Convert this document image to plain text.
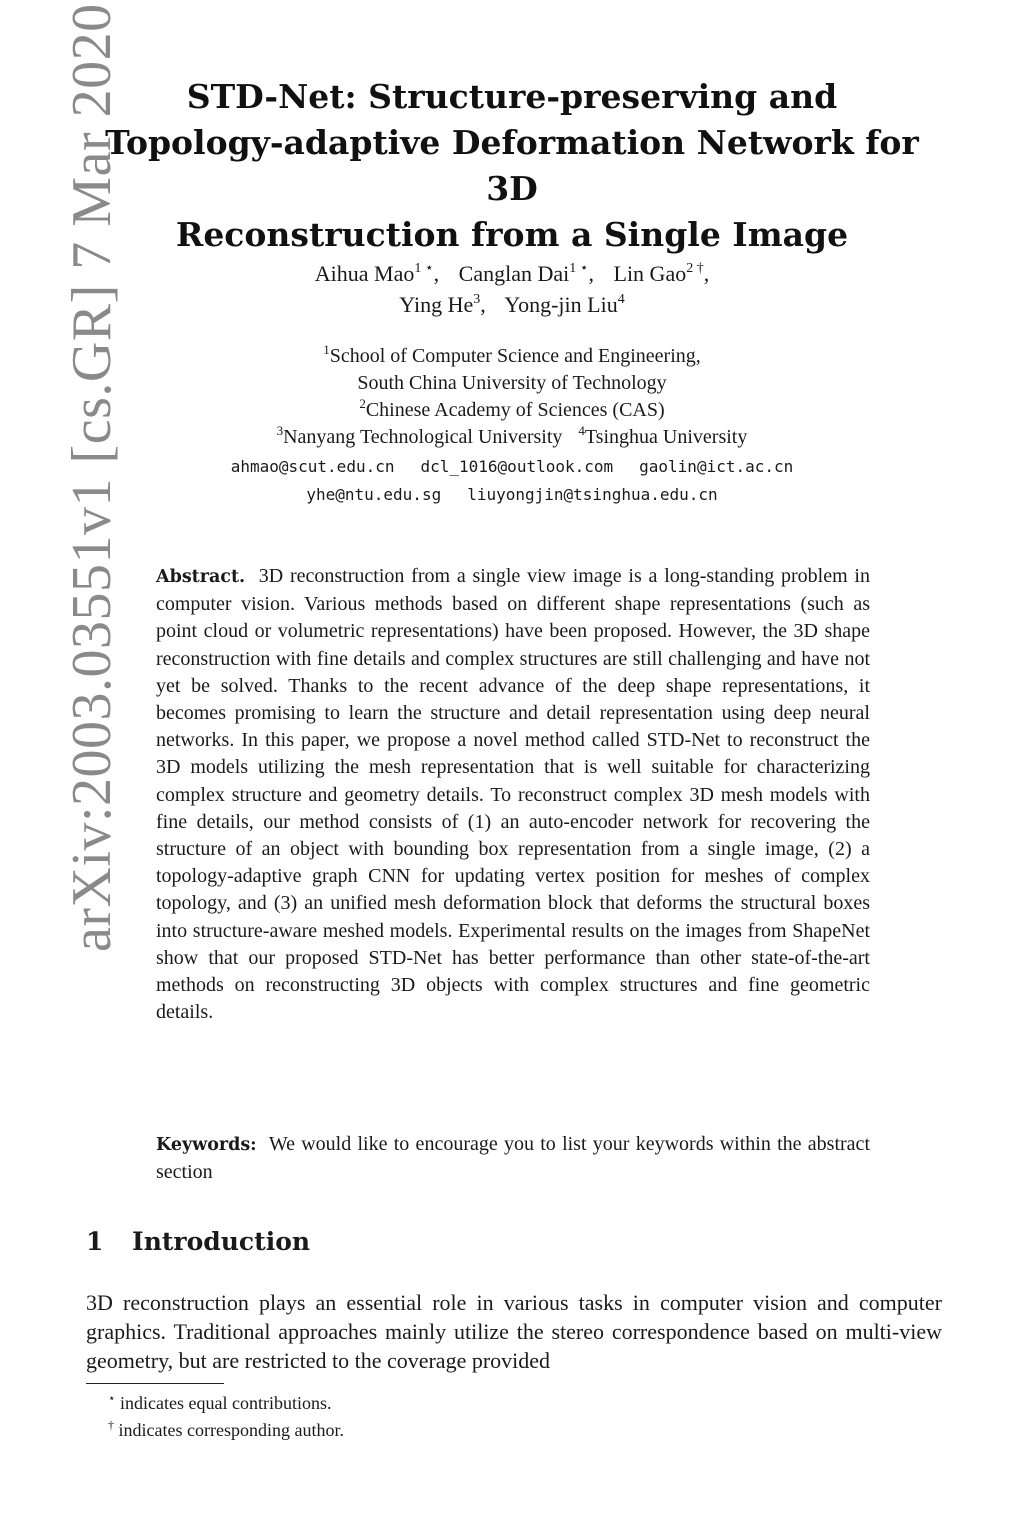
arXiv:2003.03551v1 [cs.GR] 7 Mar 2020	STD-Net: Structure-preserving and
Topology-adaptive Deformation Network for 3D
Reconstruction from a Single Image
Aihua Mao$^{1 ⋆}$, Canglan Dai$^{1 ⋆}$, Lin Gao$^{2 \dagger}$,
Ying He$^3$, Yong-jin Liu$^4$
$^1$School of Computer Science and Engineering,
South China University of Technology
$^2$Chinese Academy of Sciences (CAS)
$^3$Nanyang Technological University $^4$Tsinghua University
ahmao@scut.edu.cn dcl_1016@outlook.com gaolin@ict.ac.cn
yhe@ntu.edu.sg liuyongjin@tsinghua.edu.cn
Abstract. 3D reconstruction from a single view image is a long-standing problem in computer vision. Various methods based on different shape representations (such as point cloud or volumetric representations) have been proposed. However, the 3D shape reconstruction with fine details and complex structures are still challenging and have not yet be solved. Thanks to the recent advance of the deep shape representations, it becomes promising to learn the structure and detail representation using deep neural networks. In this paper, we propose a novel method called STD-Net to reconstruct the 3D models utilizing the mesh representation that is well suitable for characterizing complex structure and geometry details. To reconstruct complex 3D mesh models with fine details, our method consists of (1) an auto-encoder network for recovering the structure of an object with bounding box representation from a single image, (2) a topology-adaptive graph CNN for updating vertex position for meshes of complex topology, and (3) an unified mesh deformation block that deforms the structural boxes into structure-aware meshed models. Experimental results on the images from ShapeNet show that our proposed STD-Net has better performance than other state-of-the-art methods on reconstructing 3D objects with complex structures and fine geometric details.
Keywords: We would like to encourage you to list your keywords within the abstract section
1 Introduction
3D reconstruction plays an essential role in various tasks in computer vision and computer graphics. Traditional approaches mainly utilize the stereo correspondence based on multi-view geometry, but are restricted to the coverage provided
⋆ indicates equal contributions.
† indicates corresponding author.
